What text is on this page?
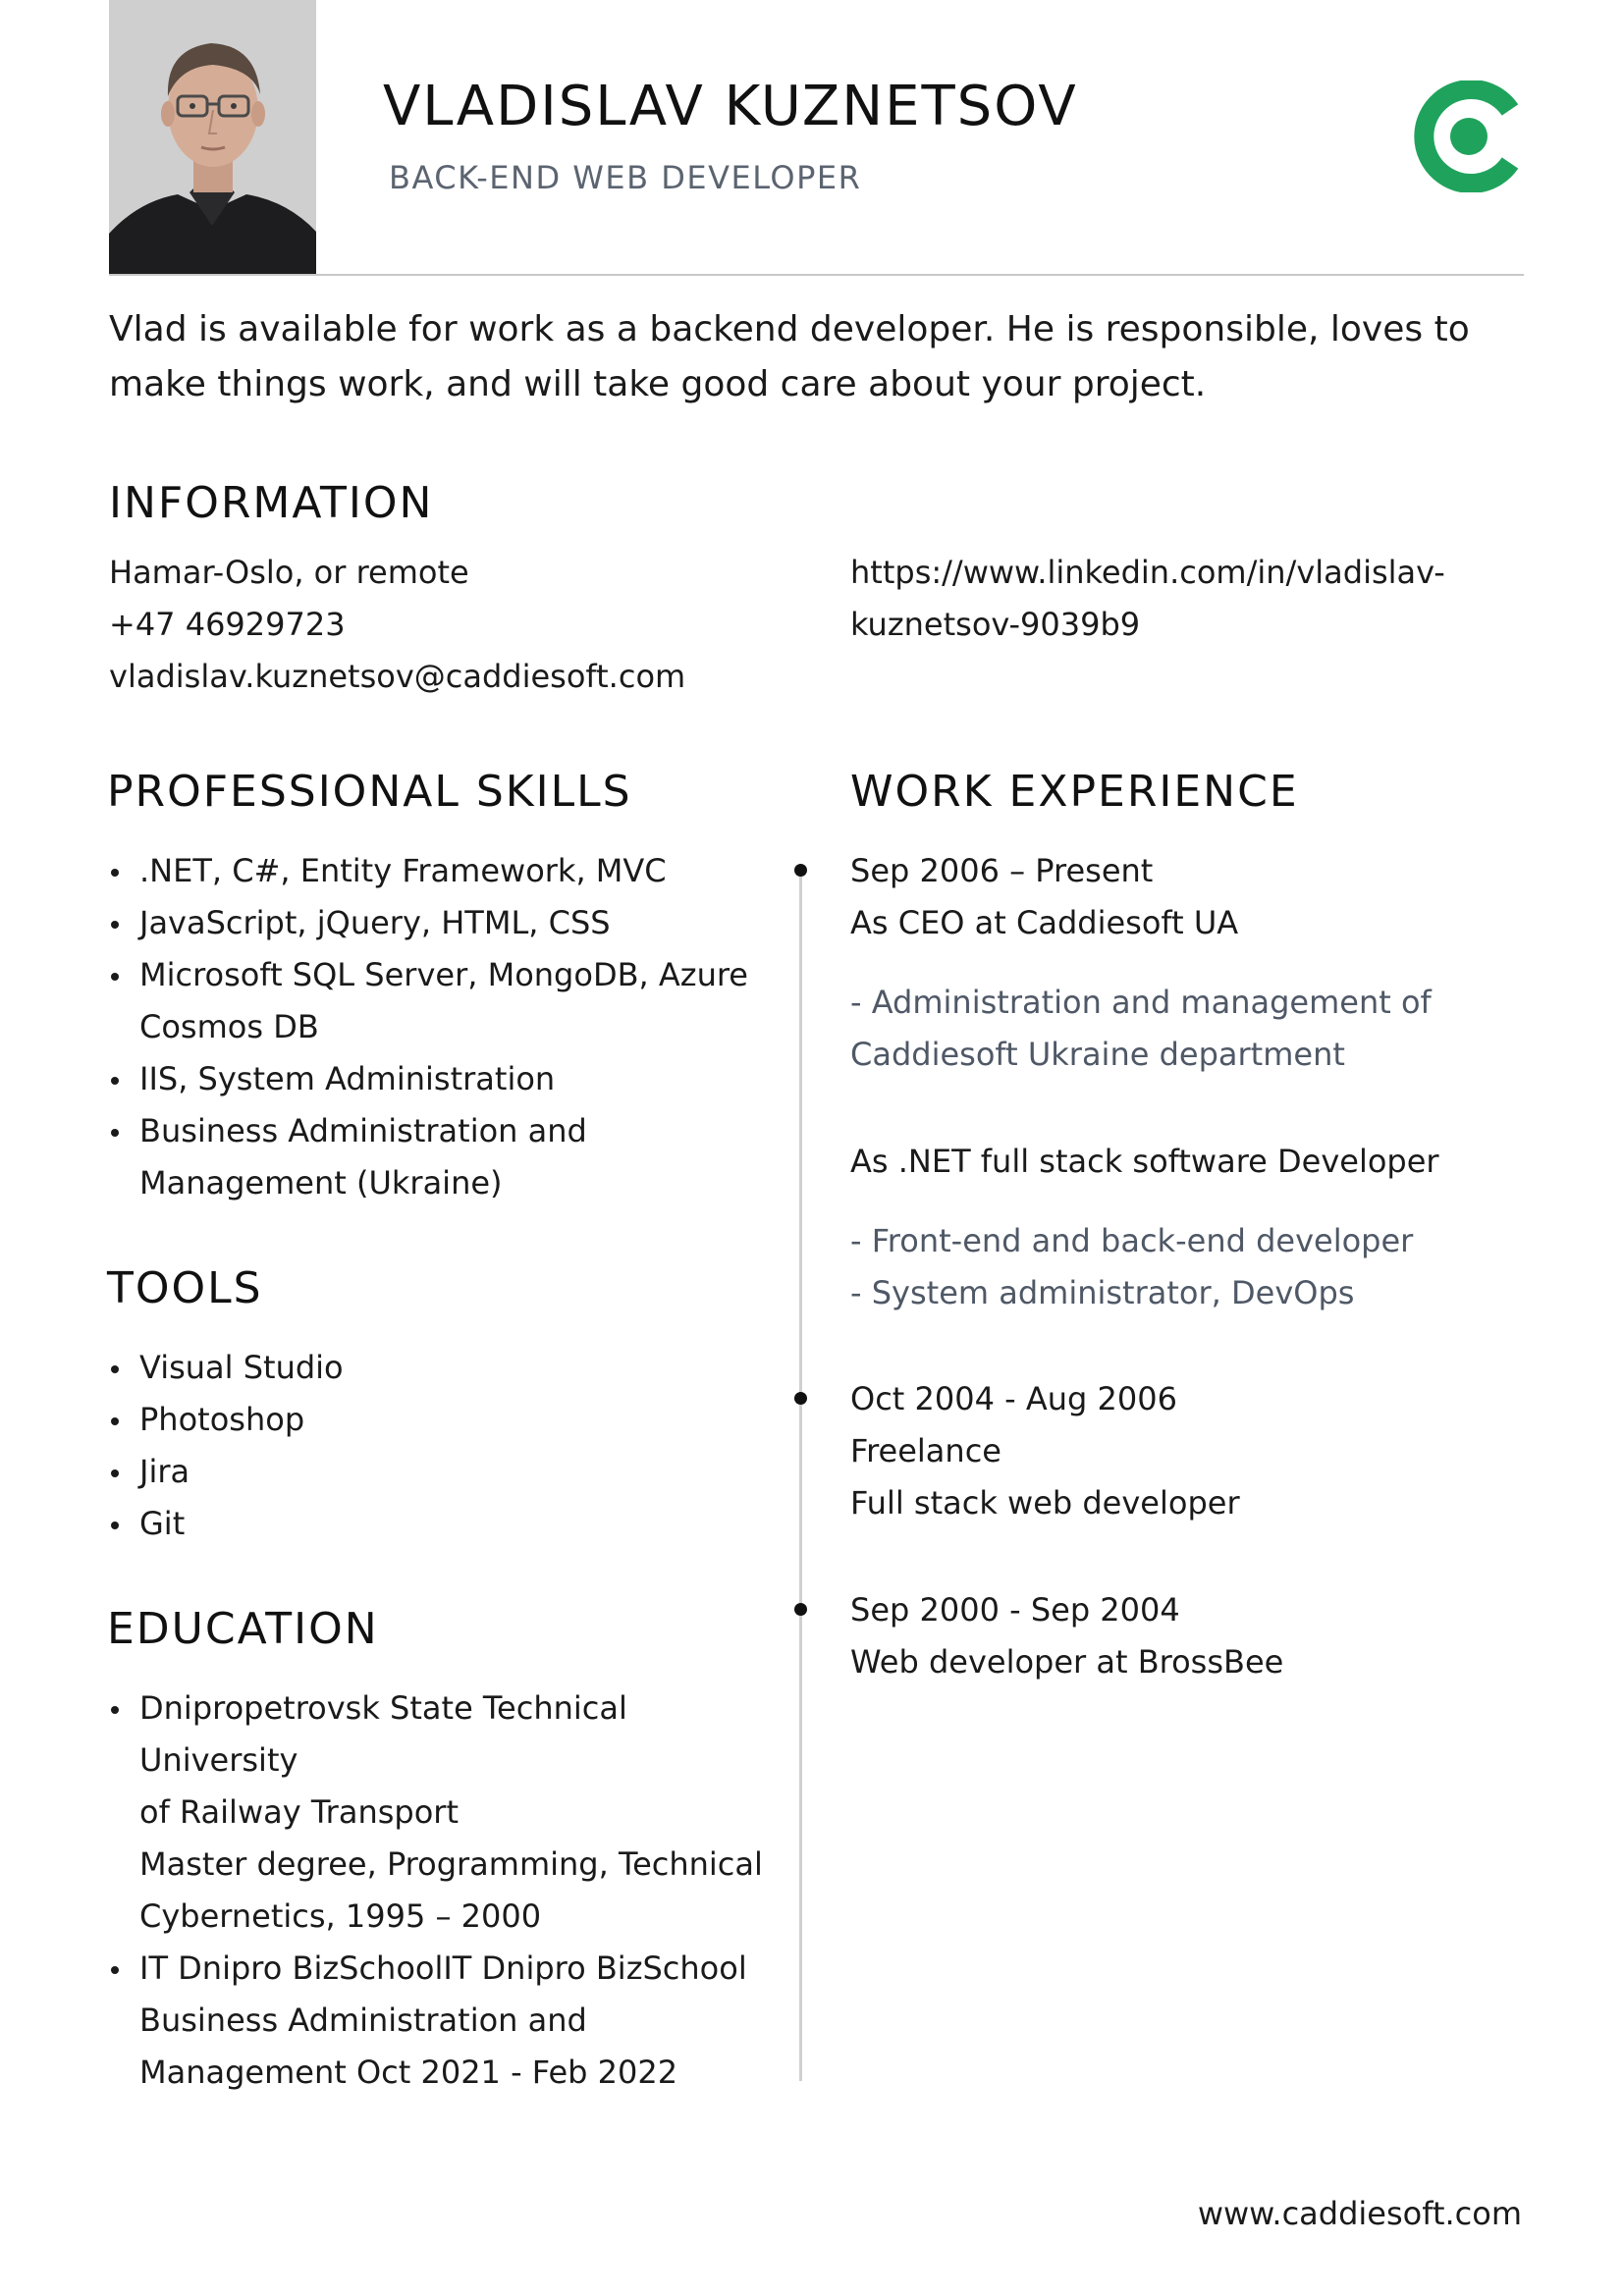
VLADISLAV KUZNETSOV
BACK-END WEB DEVELOPER
Vlad is available for work as a backend developer. He is responsible, loves to make things work, and will take good care about your project.
INFORMATION
Hamar-Oslo, or remote
+47 46929723
vladislav.kuznetsov@caddiesoft.com
https://www.linkedin.com/in/vladislav-
kuznetsov-9039b9
PROFESSIONAL SKILLS
.NET, C#, Entity Framework, MVC
JavaScript, jQuery, HTML, CSS
Microsoft SQL Server, MongoDB, Azure
Cosmos DB
IIS, System Administration
Business Administration and
Management (Ukraine)
TOOLS
Visual Studio
Photoshop
Jira
Git
EDUCATION
Dnipropetrovsk State Technical University
of Railway Transport
Master degree, Programming, Technical
Cybernetics, 1995 – 2000
IT Dnipro BizSchoolIT Dnipro BizSchool
Business Administration and
Management Oct 2021 - Feb 2022
WORK EXPERIENCE
Sep 2006 – Present
As CEO at Caddiesoft UA
- Administration and management of
Caddiesoft Ukraine department
As .NET full stack software Developer
- Front-end and back-end developer
- System administrator, DevOps
Oct 2004 - Aug 2006
Freelance
Full stack web developer
Sep 2000 - Sep 2004
Web developer at BrossBee
www.caddiesoft.com
